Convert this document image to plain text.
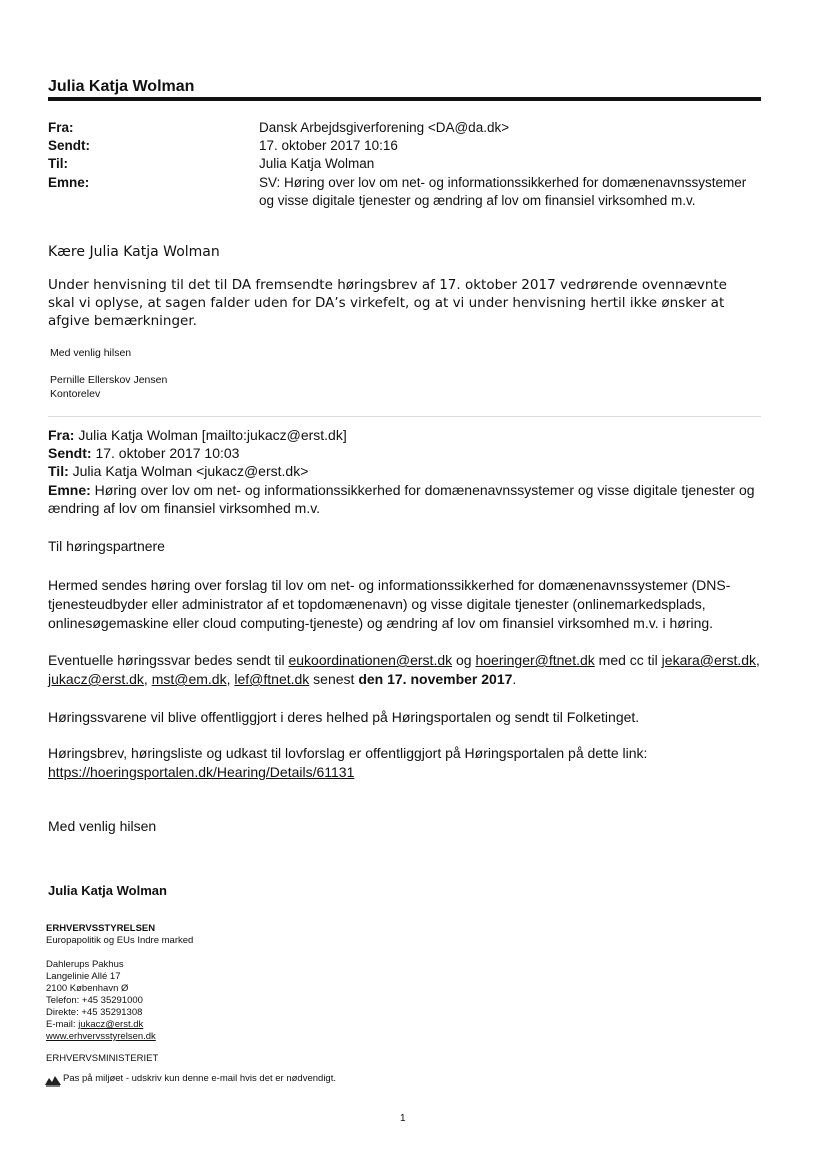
Julia Katja Wolman
Fra:	Dansk Arbejdsgiverforening <DA@da.dk>
Sendt:	17. oktober 2017 10:16
Til:	Julia Katja Wolman
Emne:	SV: Høring over lov om net- og informationssikkerhed for domænenavnssystemer
og visse digitale tjenester og ændring af lov om finansiel virksomhed m.v.
Kære Julia Katja Wolman
Under henvisning til det til DA fremsendte høringsbrev af 17. oktober 2017 vedrørende ovennævnte
skal vi oplyse, at sagen falder uden for DA’s virkefelt, og at vi under henvisning hertil ikke ønsker at
afgive bemærkninger.
Med venlig hilsen
Pernille Ellerskov Jensen
Kontorelev
Fra: Julia Katja Wolman [mailto:jukacz@erst.dk]
Sendt: 17. oktober 2017 10:03
Til: Julia Katja Wolman <jukacz@erst.dk>
Emne: Høring over lov om net- og informationssikkerhed for domænenavnssystemer og visse digitale tjenester og
ændring af lov om finansiel virksomhed m.v.
Til høringspartnere
Hermed sendes høring over forslag til lov om net- og informationssikkerhed for domænenavnssystemer (DNS-
tjenesteudbyder eller administrator af et topdomænenavn) og visse digitale tjenester (onlinemarkedsplads,
onlinesøgemaskine eller cloud computing-tjeneste) og ændring af lov om finansiel virksomhed m.v. i høring.
Eventuelle høringssvar bedes sendt til eukoordinationen@erst.dk og hoeringer@ftnet.dk med cc til jekara@erst.dk,
jukacz@erst.dk, mst@em.dk, lef@ftnet.dk senest den 17. november 2017.
Høringssvarene vil blive offentliggjort i deres helhed på Høringsportalen og sendt til Folketinget.
Høringsbrev, høringsliste og udkast til lovforslag er offentliggjort på Høringsportalen på dette link:
https://hoeringsportalen.dk/Hearing/Details/61131
Med venlig hilsen
Julia Katja Wolman
ERHVERVSSTYRELSEN
Europapolitik og EUs Indre marked
Dahlerups Pakhus
Langelinie Allé 17
2100 København Ø
Telefon: +45 35291000
Direkte: +45 35291308
E-mail: jukacz@erst.dk
www.erhvervsstyrelsen.dk
ERHVERVSMINISTERIET
Pas på miljøet - udskriv kun denne e-mail hvis det er nødvendigt.
1
